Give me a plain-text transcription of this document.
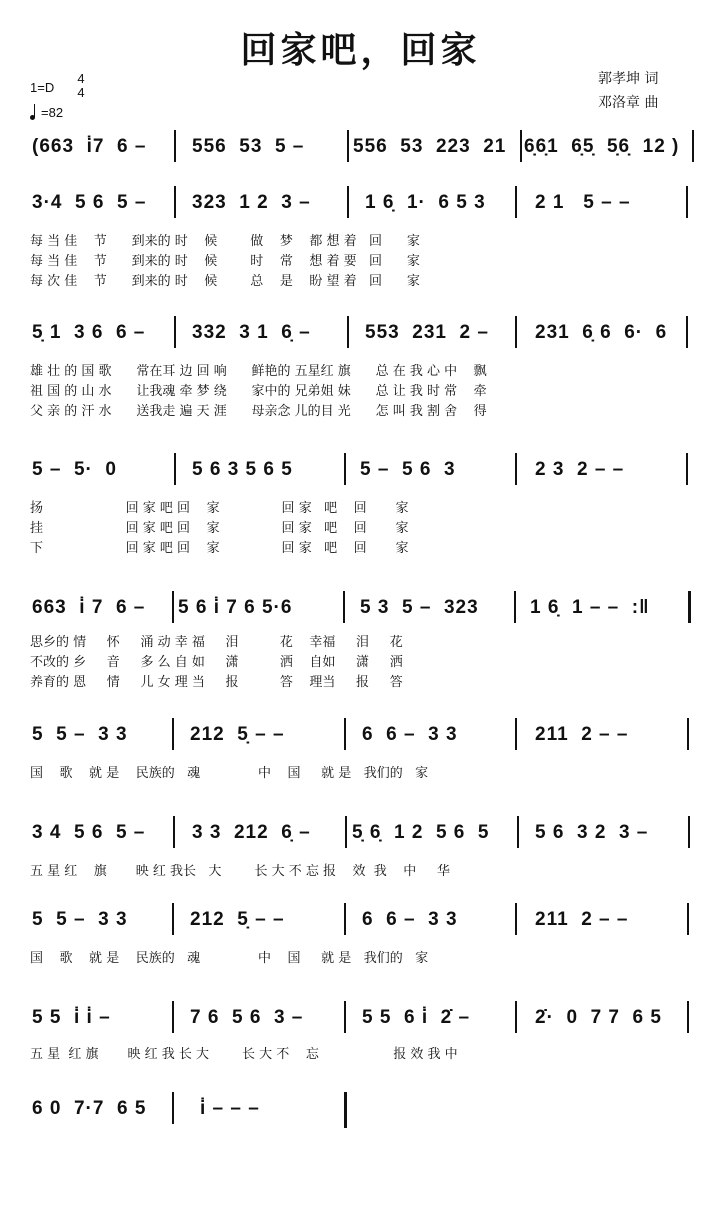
回家吧，回家
郭孝坤 词
邓洛章 曲
1=D
4
4
=82

(663  i̇7  6 –

556  53  5 –

	556  53  223  21

6̣6̣1  6̣5̣  5̣6̣  12 )

3·4  5 6  5 –

323  1 2  3 –

	1 6̣  1·  6 5 3

	2 1   5 – –

每 当 佳    节      到来的 时    候        做    梦    都 想 着   回      家
每 当 佳    节      到来的 时    候        时    常    想 着 要   回      家
每 次 佳    节      到来的 时    候        总    是    盼 望 着   回      家

5̣ 1  3 6  6 –

332  3 1  6̣ –

	553  231  2 –

231  6̣ 6  6·  6

雄 壮 的 国 歌      常在耳 边 回 响      鲜艳的 五星红 旗      总 在 我 心 中    飘
祖 国 的 山 水      让我魂 牵 梦 绕      家中的 兄弟姐 妹      总 让 我 时 常    牵
父 亲 的 汗 水      送我走 遍 天 涯      母亲念 儿的目 光      怎 叫 我 割 舍    得

5 –  5·  0

	5 6 3 5 6 5

	5 –  5 6  3

	2 3  2 – –

扬                    回 家 吧 回    家               回 家   吧    回       家
挂                    回 家 吧 回    家               回 家   吧    回       家
下                    回 家 吧 回    家               回 家   吧    回       家

663  i̇ 7  6 –

5 6 i̇ 7 6 5·6

	5 3  5 –  323

	1 6̣  1 – –  :‖

思乡的 情     怀     涌 动 幸 福     泪          花    幸福     泪     花
不改的 乡     音     多 么 自 如     潇          洒    自如     潇     洒
养育的 恩     情     儿 女 理 当     报          答    理当     报     答

5  5 –  3 3

	212  5̣ – –

	6  6 –  3 3

	211  2 – –

国    歌    就 是    民族的   魂              中    国     就 是   我们的   家

3 4  5 6  5 –

3 3  212  6̣ –

5̣ 6̣  1 2  5 6  5

5 6  3 2  3 –

五 星 红    旗       映 红 我长   大        长 大 不 忘 报    效  我    中     华

5  5 –  3 3

	212  5̣ – –

	6  6 –  3 3

	211  2 – –

国    歌    就 是    民族的   魂              中    国     就 是   我们的   家

5 5  i̇ i̇ –

	7 6  5 6  3 –

	5 5  6 i̇  2̇ –

	2̇·  0  7 7  6 5

五 星  红 旗       映 红 我 长 大        长 大 不    忘                  报 效 我 中

6 0  7·7  6 5

	i̇ – – –
